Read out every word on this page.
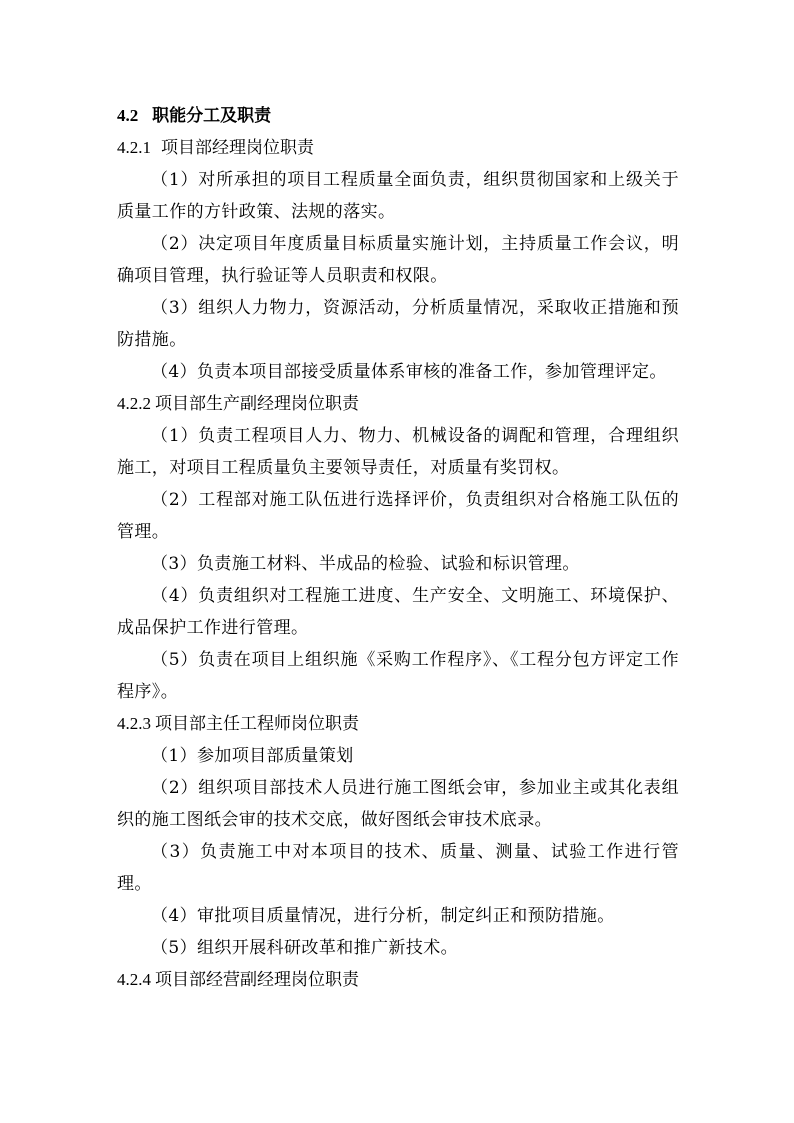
4.2 职能分工及职责
4.2.1 项目部经理岗位职责

（1）对所承担的项目工程质量全面负责，组织贯彻国家和上级关于质量工作的方针政策、法规的落实。

（2）决定项目年度质量目标质量实施计划，主持质量工作会议，明确项目管理，执行验证等人员职责和权限。

（3）组织人力物力，资源活动，分析质量情况，采取收正措施和预防措施。

（4）负责本项目部接受质量体系审核的准备工作，参加管理评定。

4.2.2 项目部生产副经理岗位职责

（1）负责工程项目人力、物力、机械设备的调配和管理，合理组织施工，对项目工程质量负主要领导责任，对质量有奖罚权。

（2）工程部对施工队伍进行选择评价，负责组织对合格施工队伍的管理。

（3）负责施工材料、半成品的检验、试验和标识管理。

（4）负责组织对工程施工进度、生产安全、文明施工、环境保护、成品保护工作进行管理。

（5）负责在项目上组织施《采购工作程序》、《工程分包方评定工作程序》。

4.2.3 项目部主任工程师岗位职责

（1）参加项目部质量策划

（2）组织项目部技术人员进行施工图纸会审，参加业主或其化表组织的施工图纸会审的技术交底，做好图纸会审技术底录。

（3）负责施工中对本项目的技术、质量、测量、试验工作进行管理。

（4）审批项目质量情况，进行分析，制定纠正和预防措施。

（5）组织开展科研改革和推广新技术。

4.2.4 项目部经营副经理岗位职责
